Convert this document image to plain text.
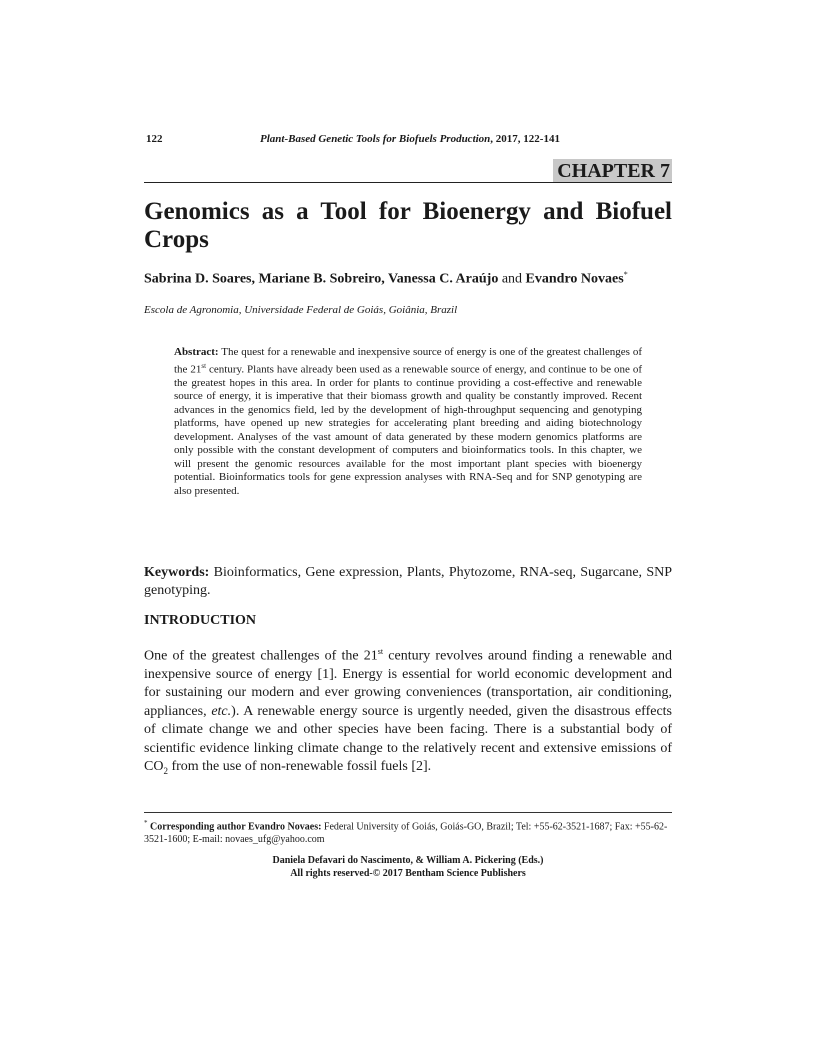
122	Plant-Based Genetic Tools for Biofuels Production, 2017, 122-141
CHAPTER 7
Genomics as a Tool for Bioenergy and Biofuel Crops
Sabrina D. Soares, Mariane B. Sobreiro, Vanessa C. Araújo and Evandro Novaes*
Escola de Agronomia, Universidade Federal de Goiás, Goiânia, Brazil
Abstract: The quest for a renewable and inexpensive source of energy is one of the greatest challenges of the 21st century. Plants have already been used as a renewable source of energy, and continue to be one of the greatest hopes in this area. In order for plants to continue providing a cost-effective and renewable source of energy, it is imperative that their biomass growth and quality be constantly improved. Recent advances in the genomics field, led by the development of high-throughput sequencing and genotyping platforms, have opened up new strategies for accelerating plant breeding and aiding biotechnology development. Analyses of the vast amount of data generated by these modern genomics platforms are only possible with the constant development of computers and bioinformatics tools. In this chapter, we will present the genomic resources available for the most important plant species with bioenergy potential. Bioinformatics tools for gene expression analyses with RNA-Seq and for SNP genotyping are also presented.
Keywords: Bioinformatics, Gene expression, Plants, Phytozome, RNA-seq, Sugarcane, SNP genotyping.
INTRODUCTION
One of the greatest challenges of the 21st century revolves around finding a renewable and inexpensive source of energy [1]. Energy is essential for world economic development and for sustaining our modern and ever growing conveniences (transportation, air conditioning, appliances, etc.). A renewable energy source is urgently needed, given the disastrous effects of climate change we and other species have been facing. There is a substantial body of scientific evidence linking climate change to the relatively recent and extensive emissions of $CO_2$ from the use of non-renewable fossil fuels [2].
* Corresponding author Evandro Novaes: Federal University of Goiás, Goiás-GO, Brazil; Tel: +55-62-3521-1687; Fax: +55-62-3521-1600; E-mail: novaes_ufg@yahoo.com
Daniela Defavari do Nascimento, & William A. Pickering (Eds.)
All rights reserved-© 2017 Bentham Science Publishers
